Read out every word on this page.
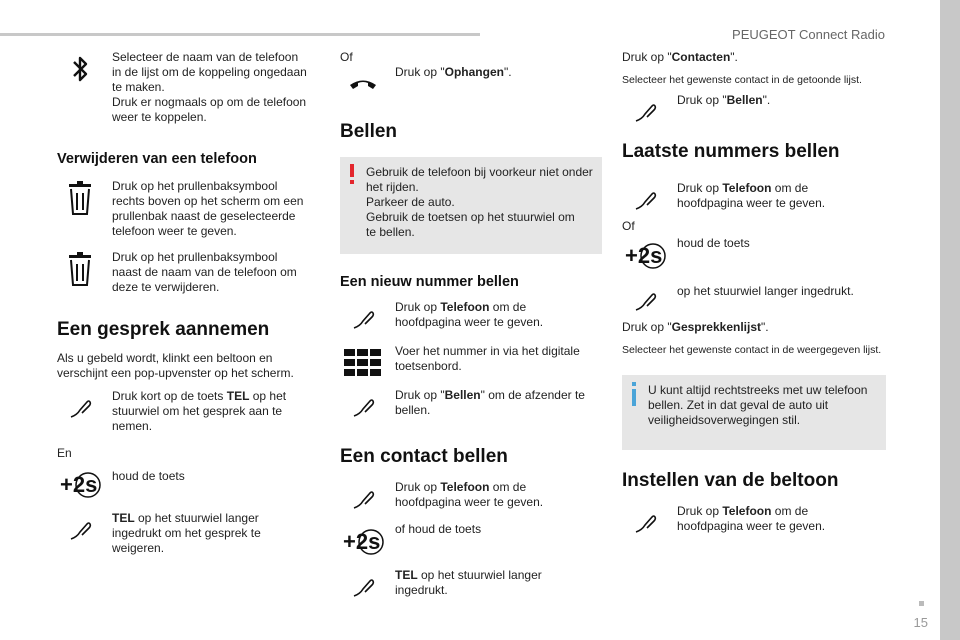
PEUGEOT Connect Radio
15
Selecteer de naam van de telefoon
in de lijst om de koppeling ongedaan
te maken.
Druk er nogmaals op om de telefoon
weer te koppelen.
Verwijderen van een telefoon
Druk op het prullenbaksymbool
rechts boven op het scherm om een
prullenbak naast de geselecteerde
telefoon weer te geven.
Druk op het prullenbaksymbool
naast de naam van de telefoon om
deze te verwijderen.
Een gesprek aannemen
Als u gebeld wordt, klinkt een beltoon en
verschijnt een pop-upvenster op het scherm.
Druk kort op de toets TEL op het
stuurwiel om het gesprek aan te
nemen.
En
+2s houd de toets
TEL op het stuurwiel langer
ingedrukt om het gesprek te
weigeren.
Of
Druk op "Ophangen".
Bellen
Gebruik de telefoon bij voorkeur niet onder
het rijden.
Parkeer de auto.
Gebruik de toetsen op het stuurwiel om
te bellen.
Een nieuw nummer bellen
Druk op Telefoon om de
hoofdpagina weer te geven.
Voer het nummer in via het digitale
toetsenbord.
Druk op "Bellen" om de afzender te
bellen.
Een contact bellen
Druk op Telefoon om de
hoofdpagina weer te geven.
+2s of houd de toets
TEL op het stuurwiel langer
ingedrukt.
Druk op "Contacten".
Selecteer het gewenste contact in de getoonde lijst.
Druk op "Bellen".
Laatste nummers bellen
Druk op Telefoon om de
hoofdpagina weer te geven.
Of
+2s houd de toets
op het stuurwiel langer ingedrukt.
Druk op "Gesprekkenlijst".
Selecteer het gewenste contact in de weergegeven lijst.
U kunt altijd rechtstreeks met uw telefoon
bellen. Zet in dat geval de auto uit
veiligheidsoverwegingen stil.
Instellen van de beltoon
Druk op Telefoon om de
hoofdpagina weer te geven.
